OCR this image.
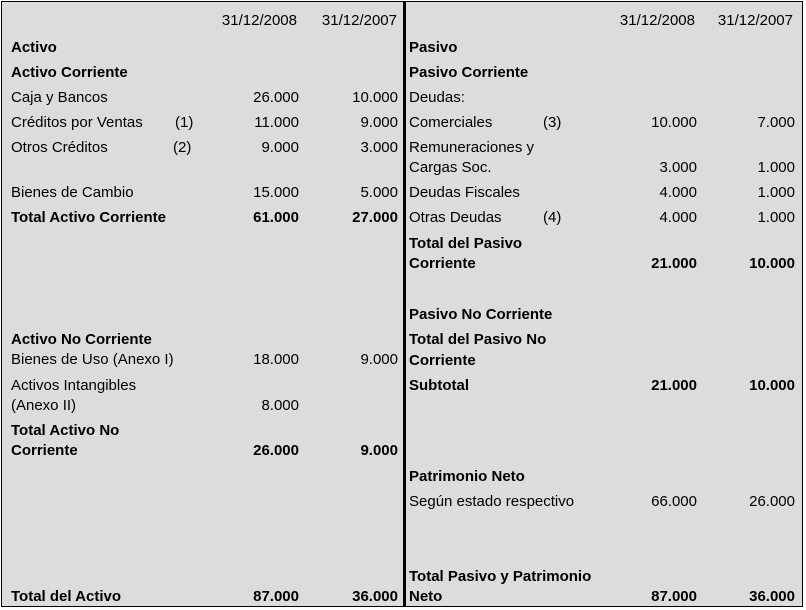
31/12/2008	31/12/2007
Activo
Activo Corriente
Caja y Bancos	26.000	10.000
Créditos por Ventas (1)	11.000	9.000
Otros Créditos	(2)	9.000	3.000
Bienes de Cambio	15.000	5.000
Total Activo Corriente	61.000	27.000
Activo No Corriente
Bienes de Uso (Anexo I)	18.000	9.000
Activos Intangibles
(Anexo II)	8.000
Total Activo No
Corriente	26.000	9.000
Total del Activo	87.000	36.000
31/12/2008	31/12/2007
Pasivo
Pasivo Corriente
Deudas:
Comerciales	(3)	10.000	7.000
Remuneraciones y
Cargas Soc.	3.000	1.000
Deudas Fiscales	4.000	1.000
Otras Deudas	(4)	4.000	1.000
Total del Pasivo
Corriente	21.000	10.000
Pasivo No Corriente
Total del Pasivo No
Corriente
Subtotal	21.000	10.000
Patrimonio Neto
Según estado respectivo	66.000	26.000
Total Pasivo y Patrimonio
Neto	87.000	36.000
